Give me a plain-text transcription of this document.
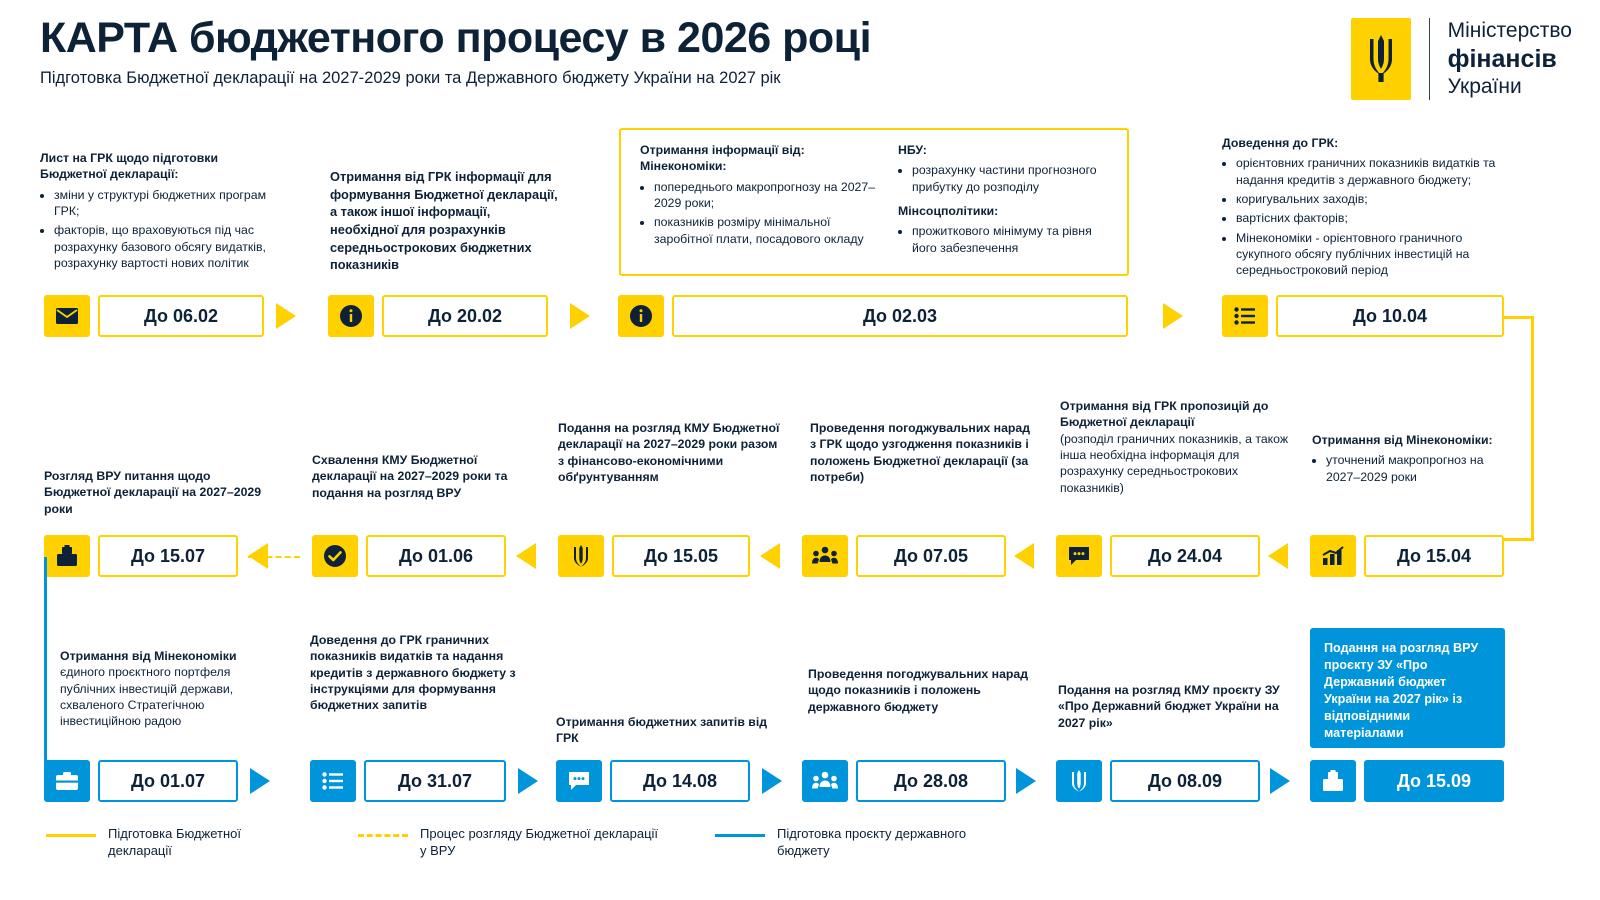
КАРТА бюджетного процесу в 2026 році
Підготовка Бюджетної декларації на 2027-2029 роки та Державного бюджету України на 2027 рік
Міністерство
фінансів
України
Лист на ГРК щодо підготовки Бюджетної декларації:
• зміни у структурі бюджетних програм ГРК;
• факторів, що враховуються під час розрахунку базового обсягу видатків, розрахунку вартості нових політик
Отримання від ГРК інформації для формування Бюджетної декларації, а також іншої інформації, необхідної для розрахунків середньострокових бюджетних показників
Отримання інформації від:
Мінекономіки:
• попереднього макропрогнозу на 2027–2029 роки;
• показників розміру мінімальної заробітної плати, посадового окладу
НБУ:
• розрахунку частини прогнозного прибутку до розподілу
Мінсоцполітики:
• прожиткового мінімуму та рівня його забезпечення
Доведення до ГРК:
• орієнтовних граничних показників видатків та надання кредитів з державного бюджету;
• коригувальних заходів;
• вартісних факторів;
• Мінекономіки - орієнтовного граничного сукупного обсягу публічних інвестицій на середньостроковий період
До 06.02	До 20.02	До 02.03	До 10.04
Розгляд ВРУ питання щодо Бюджетної декларації на 2027–2029 роки
Схвалення КМУ Бюджетної декларації на 2027–2029 роки та подання на розгляд ВРУ
Подання на розгляд КМУ Бюджетної декларації на 2027–2029 роки разом з фінансово-економічними обґрунтуванням
Проведення погоджувальних нарад з ГРК щодо узгодження показників і положень Бюджетної декларації (за потреби)
Отримання від ГРК пропозицій до Бюджетної декларації
(розподіл граничних показників, а також інша необхідна інформація для розрахунку середньострокових показників)
Отримання від Мінекономіки:
• уточнений макропрогноз на 2027–2029 роки
До 15.07	До 01.06	До 15.05	До 07.05	До 24.04	До 15.04
Отримання від Мінекономіки єдиного проєктного портфеля публічних інвестицій держави, схваленого Стратегічною інвестиційною радою
Доведення до ГРК граничних показників видатків та надання кредитів з державного бюджету з інструкціями для формування бюджетних запитів
Отримання бюджетних запитів від ГРК
Проведення погоджувальних нарад щодо показників і положень державного бюджету
Подання на розгляд КМУ проєкту ЗУ «Про Державний бюджет України на 2027 рік»
Подання на розгляд ВРУ проєкту ЗУ «Про Державний бюджет України на 2027 рік» із відповідними матеріалами
До 01.07	До 31.07	До 14.08	До 28.08	До 08.09	До 15.09
Підготовка Бюджетної декларації
Процес розгляду Бюджетної декларації у ВРУ
Підготовка проєкту державного бюджету
